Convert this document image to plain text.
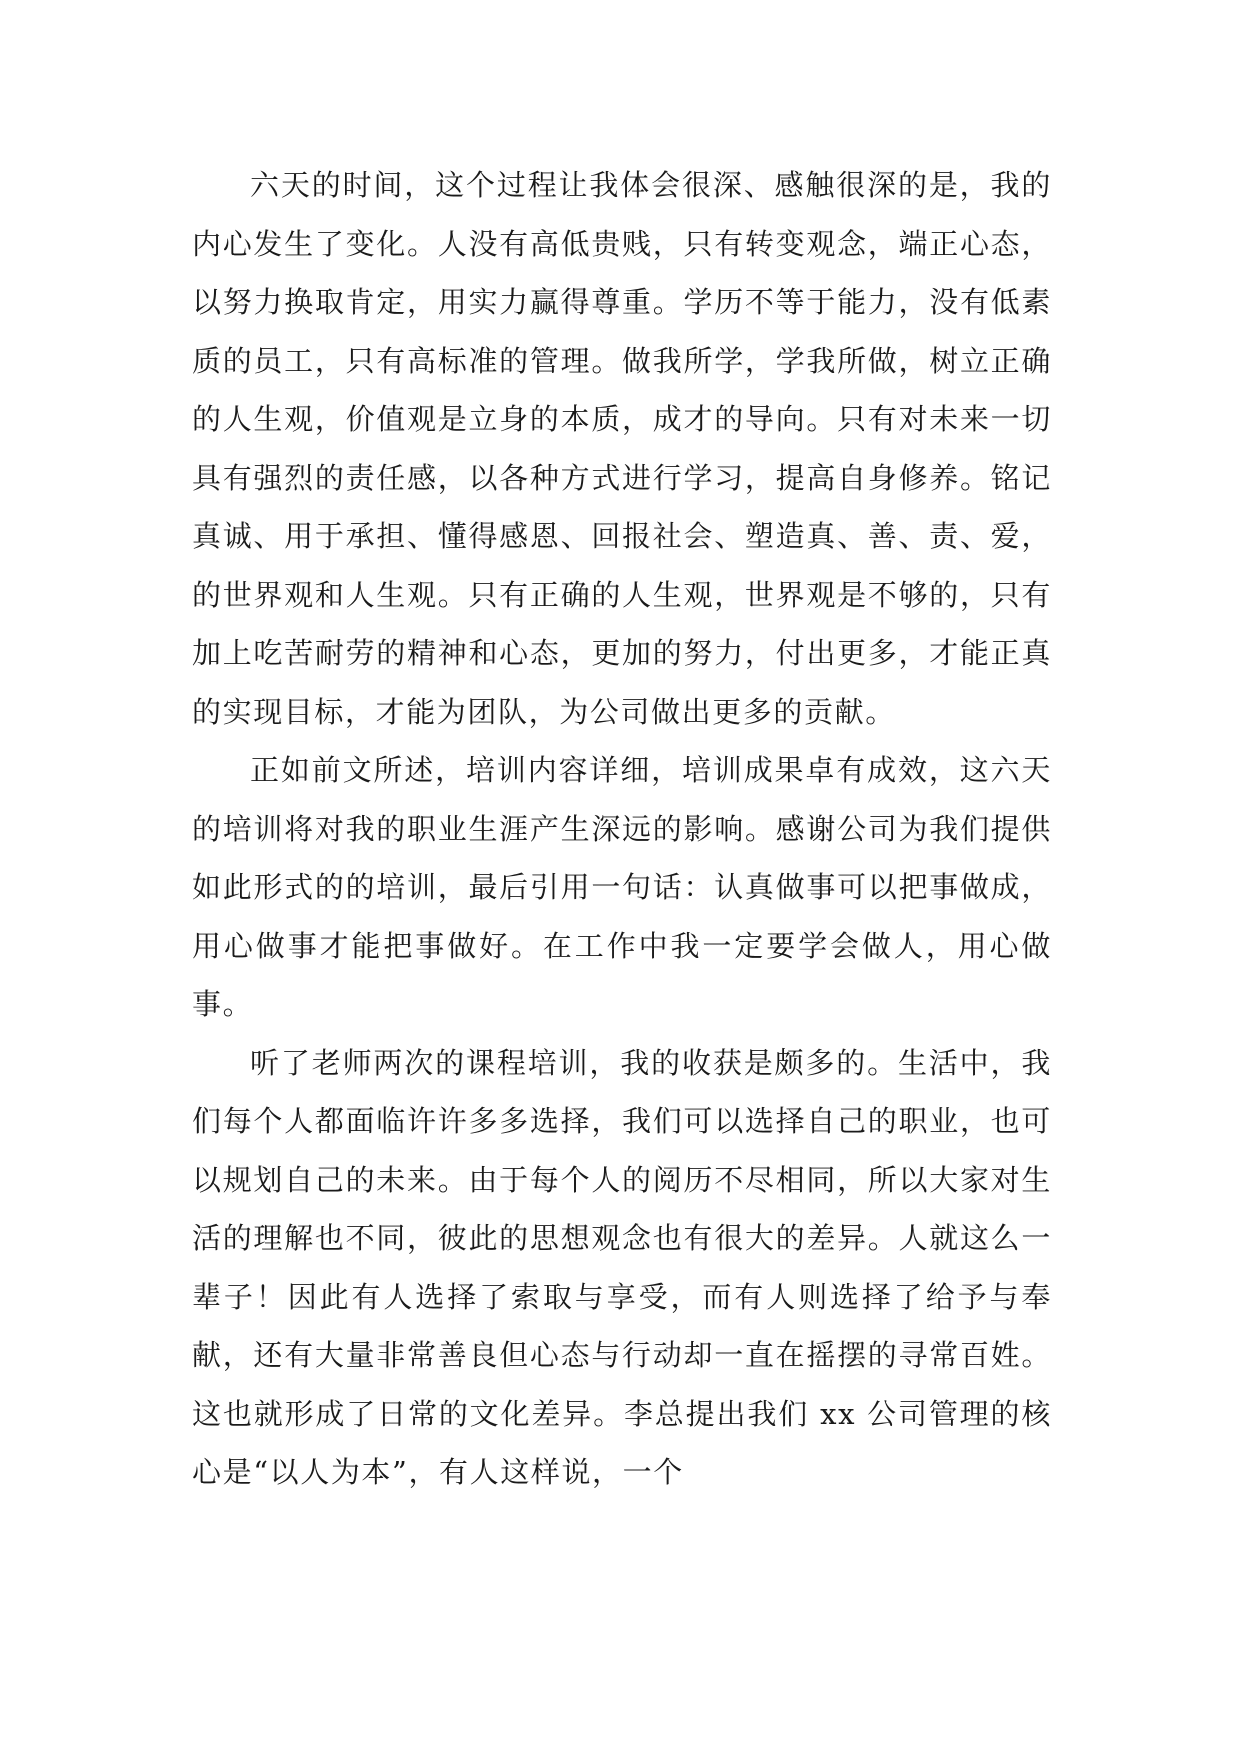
六天的时间，这个过程让我体会很深、感触很深的是，我的内心发生了变化。人没有高低贵贱，只有转变观念，端正心态，以努力换取肯定，用实力赢得尊重。学历不等于能力，没有低素质的员工，只有高标准的管理。做我所学，学我所做，树立正确的人生观，价值观是立身的本质，成才的导向。只有对未来一切具有强烈的责任感，以各种方式进行学习，提高自身修养。铭记真诚、用于承担、懂得感恩、回报社会、塑造真、善、责、爱，的世界观和人生观。只有正确的人生观，世界观是不够的，只有加上吃苦耐劳的精神和心态，更加的努力，付出更多，才能正真的实现目标，才能为团队，为公司做出更多的贡献。

正如前文所述，培训内容详细，培训成果卓有成效，这六天的培训将对我的职业生涯产生深远的影响。感谢公司为我们提供如此形式的的培训，最后引用一句话：认真做事可以把事做成，用心做事才能把事做好。在工作中我一定要学会做人，用心做事。

听了老师两次的课程培训，我的收获是颇多的。生活中，我们每个人都面临许许多多选择，我们可以选择自己的职业，也可以规划自己的未来。由于每个人的阅历不尽相同，所以大家对生活的理解也不同，彼此的思想观念也有很大的差异。人就这么一辈子！因此有人选择了索取与享受，而有人则选择了给予与奉献，还有大量非常善良但心态与行动却一直在摇摆的寻常百姓。这也就形成了日常的文化差异。李总提出我们 xx 公司管理的核心是“以人为本”，有人这样说，一个
